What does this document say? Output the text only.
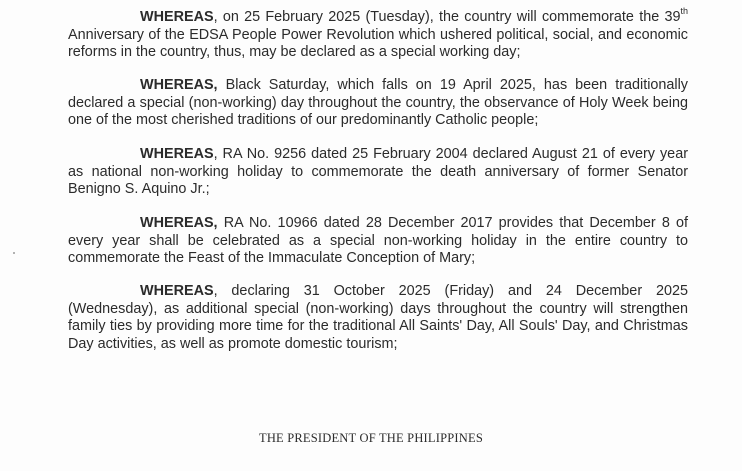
WHEREAS, on 25 February 2025 (Tuesday), the country will commemorate the 39th Anniversary of the EDSA People Power Revolution which ushered political, social, and economic reforms in the country, thus, may be declared as a special working day;

WHEREAS, Black Saturday, which falls on 19 April 2025, has been traditionally declared a special (non-working) day throughout the country, the observance of Holy Week being one of the most cherished traditions of our predominantly Catholic people;

WHEREAS, RA No. 9256 dated 25 February 2004 declared August 21 of every year as national non-working holiday to commemorate the death anniversary of former Senator Benigno S. Aquino Jr.;

WHEREAS, RA No. 10966 dated 28 December 2017 provides that December 8 of every year shall be celebrated as a special non-working holiday in the entire country to commemorate the Feast of the Immaculate Conception of Mary;

WHEREAS, declaring 31 October 2025 (Friday) and 24 December 2025 (Wednesday), as additional special (non-working) days throughout the country will strengthen family ties by providing more time for the traditional All Saints' Day, All Souls' Day, and Christmas Day activities, as well as promote domestic tourism;

THE PRESIDENT OF THE PHILIPPINES
